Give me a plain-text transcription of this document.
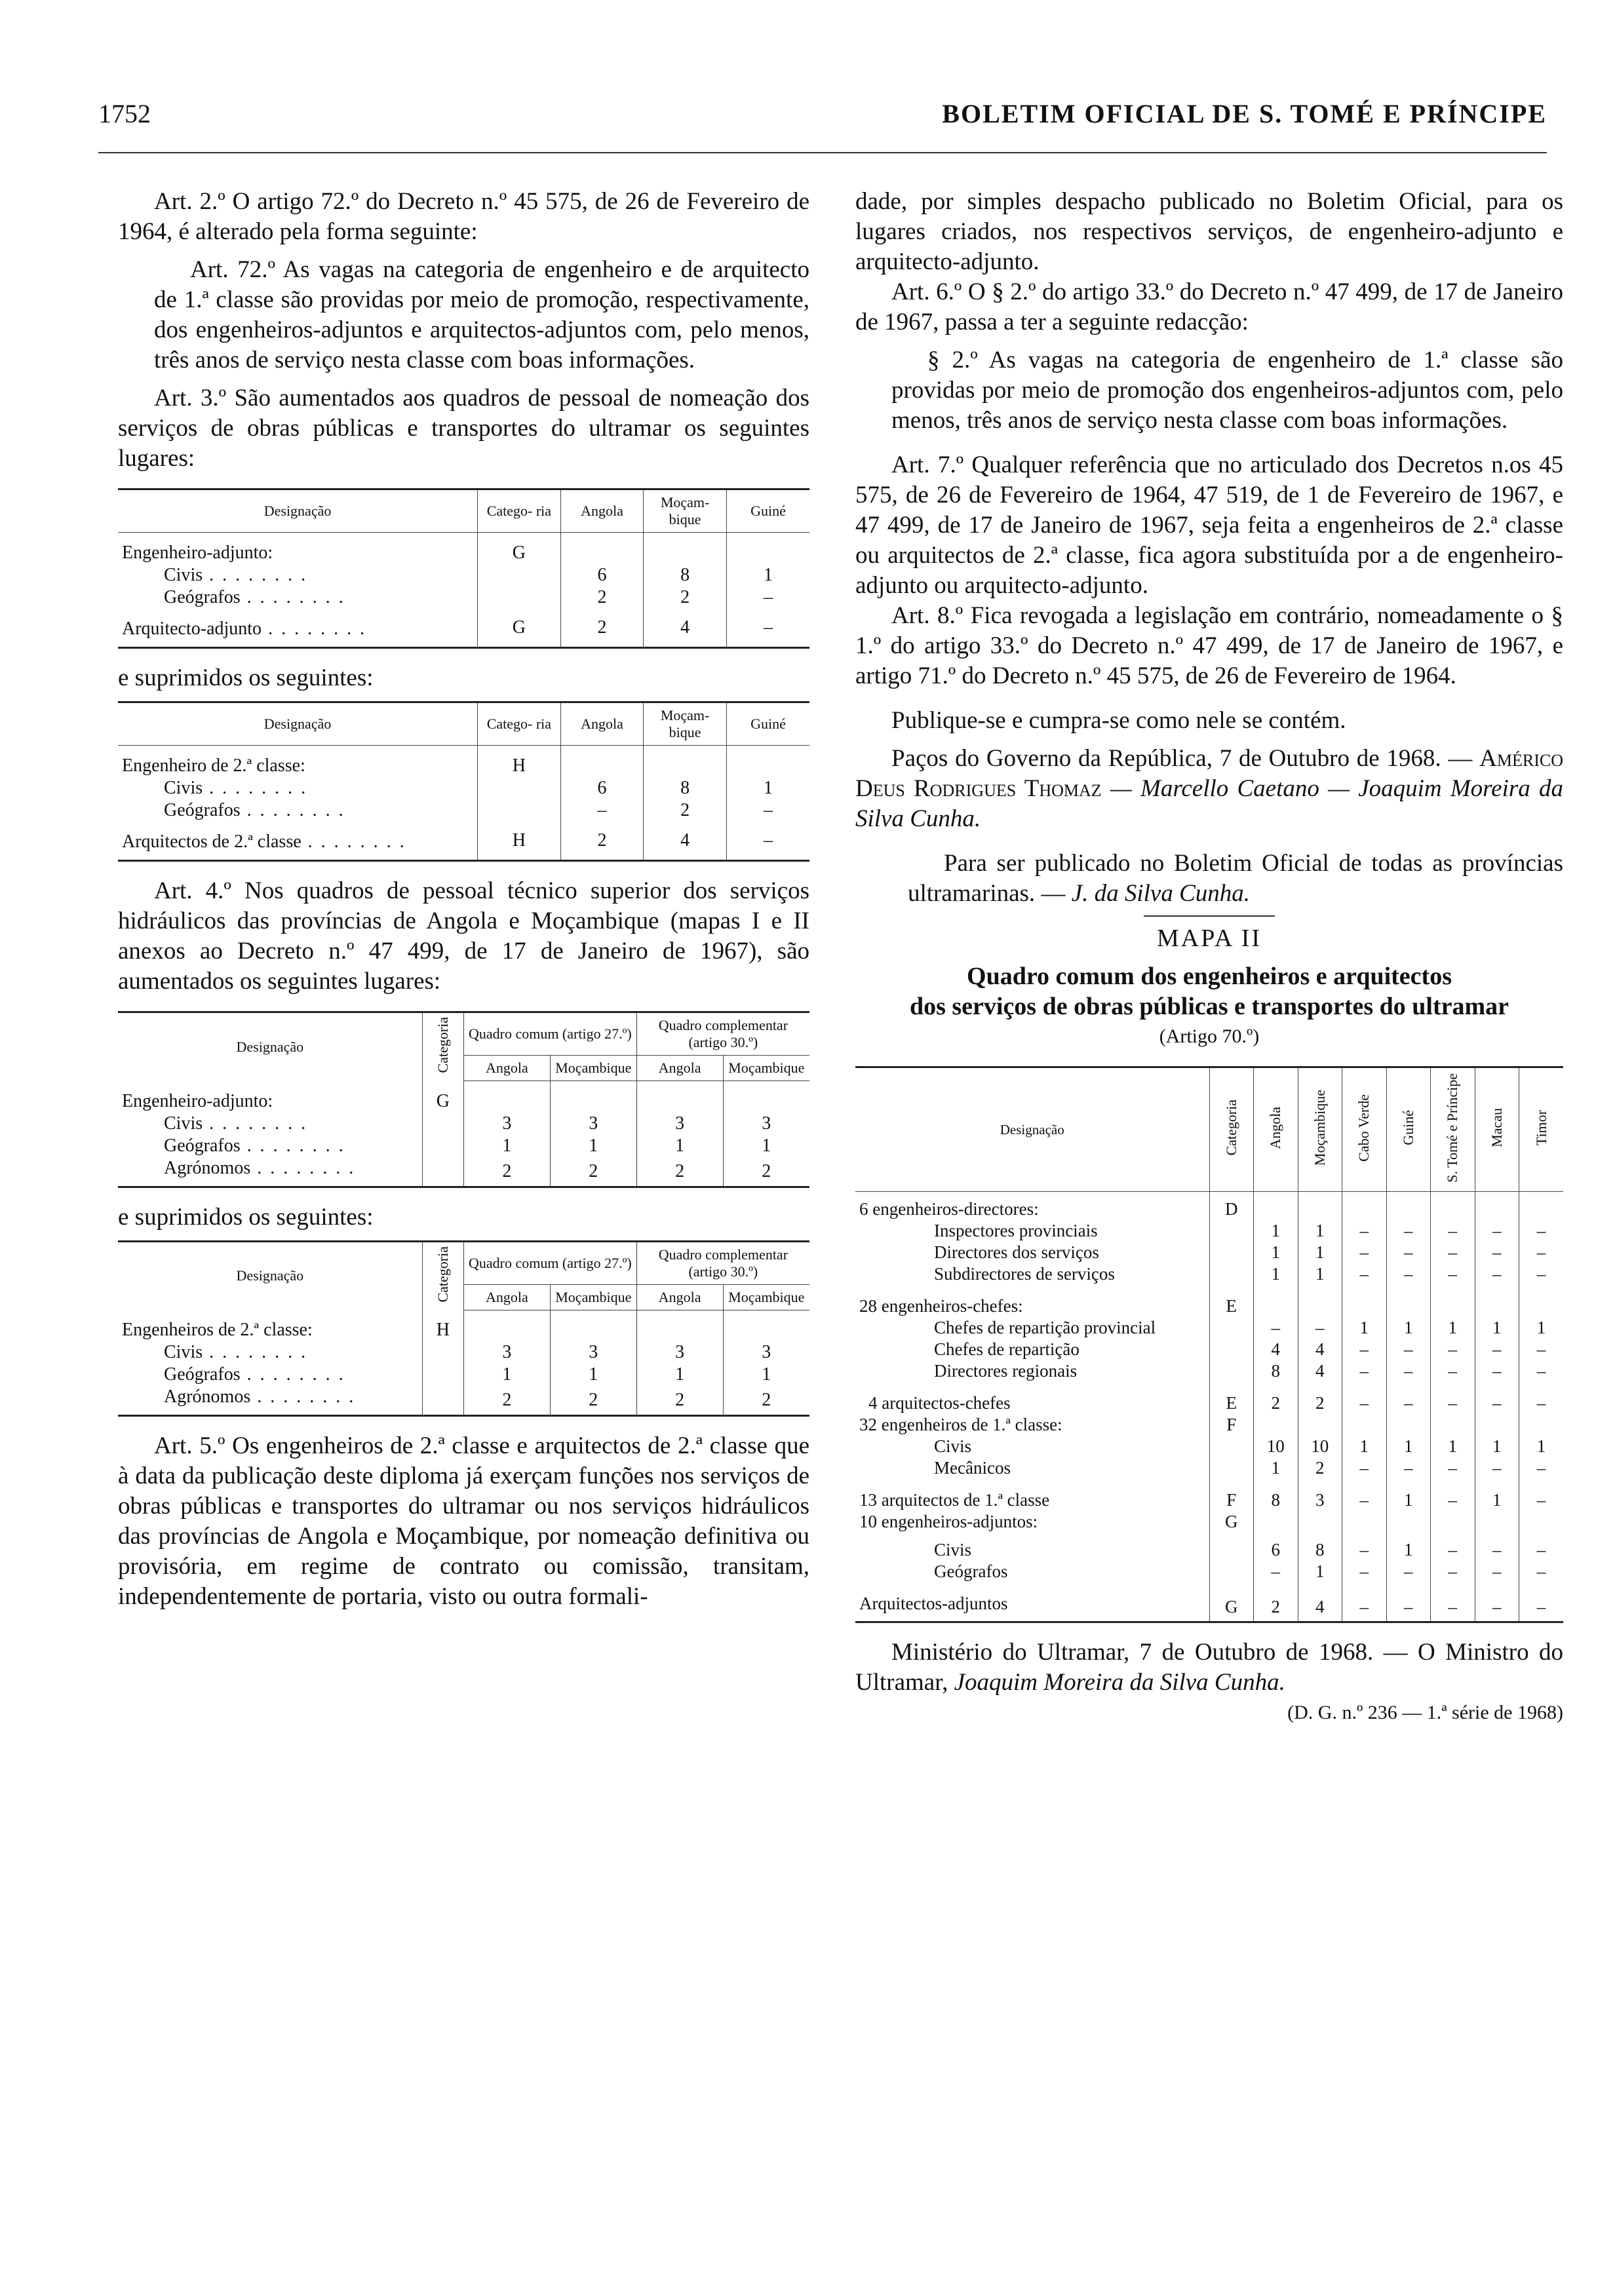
1752	BOLETIM OFICIAL DE S. TOMÉ E PRÍNCIPE

Art. 2.º O artigo 72.º do Decreto n.º 45 575, de 26 de Fevereiro de 1964, é alterado pela forma seguinte:

Art. 72.º As vagas na categoria de engenheiro e de arquitecto de 1.ª classe são providas por meio de promoção, respectivamente, dos engenheiros-adjuntos e arquitectos-adjuntos com, pelo menos, três anos de serviço nesta classe com boas informações.

Art. 3.º São aumentados aos quadros de pessoal de nomeação dos serviços de obras públicas e transportes do ultramar os seguintes lugares:

Designação	Catego- ria	Angola	Moçam- bique	Guiné
Engenheiro-adjunto:	G			
Civis . . .		6	8	1
Geógrafos . . .		2	2	–
Arquitecto-adjunto . . .	G	2	4	–

e suprimidos os seguintes:

Designação	Catego- ria	Angola	Moçam- bique	Guiné
Engenheiro de 2.ª classe:	H			
Civis . . .		6	8	1
Geógrafos . . .		–	2	–
Arquitectos de 2.ª classe . . .	H	2	4	–

Art. 4.º Nos quadros de pessoal técnico superior dos serviços hidráulicos das províncias de Angola e Moçambique (mapas I e II anexos ao Decreto n.º 47 499, de 17 de Janeiro de 1967), são aumentados os seguintes lugares:

Designação	Categoria	Quadro comum (artigo 27.º)		Quadro complementar (artigo 30.º)	
		Angola	Moçambique	Angola	Moçambique
Engenheiro-adjunto:	G				
Civis . . .		3	3	3	3
Geógrafos . . .		1	1	1	1
Agrónomos . . .		2	2	2	2

e suprimidos os seguintes:

Designação	Categoria	Quadro comum (artigo 27.º)		Quadro complementar (artigo 30.º)	
		Angola	Moçambique	Angola	Moçambique
Engenheiros de 2.ª classe:	H				
Civis . . .		3	3	3	3
Geógrafos . . .		1	1	1	1
Agrónomos . . .		2	2	2	2

Art. 5.º Os engenheiros de 2.ª classe e arquitectos de 2.ª classe que à data da publicação deste diploma já exerçam funções nos serviços de obras públicas e transportes do ultramar ou nos serviços hidráulicos das províncias de Angola e Moçambique, por nomeação definitiva ou provisória, em regime de contrato ou comissão, transitam, independentemente de portaria, visto ou outra formali-

dade, por simples despacho publicado no Boletim Oficial, para os lugares criados, nos respectivos serviços, de engenheiro-adjunto e arquitecto-adjunto.

Art. 6.º O § 2.º do artigo 33.º do Decreto n.º 47 499, de 17 de Janeiro de 1967, passa a ter a seguinte redacção:

§ 2.º As vagas na categoria de engenheiro de 1.ª classe são providas por meio de promoção dos engenheiros-adjuntos com, pelo menos, três anos de serviço nesta classe com boas informações.

Art. 7.º Qualquer referência que no articulado dos Decretos n.os 45 575, de 26 de Fevereiro de 1964, 47 519, de 1 de Fevereiro de 1967, e 47 499, de 17 de Janeiro de 1967, seja feita a engenheiros de 2.ª classe ou arquitectos de 2.ª classe, fica agora substituída por a de engenheiro-adjunto ou arquitecto-adjunto.

Art. 8.º Fica revogada a legislação em contrário, nomeadamente o § 1.º do artigo 33.º do Decreto n.º 47 499, de 17 de Janeiro de 1967, e artigo 71.º do Decreto n.º 45 575, de 26 de Fevereiro de 1964.

Publique-se e cumpra-se como nele se contém.

Paços do Governo da República, 7 de Outubro de 1968. — Américo Deus Rodrigues Thomaz — Marcello Caetano — Joaquim Moreira da Silva Cunha.

Para ser publicado no Boletim Oficial de todas as províncias ultramarinas. — J. da Silva Cunha.

MAPA II

Quadro comum dos engenheiros e arquitectos

dos serviços de obras públicas e transportes do ultramar

(Artigo 70.º)

Designação	Categoria	Angola	Moçambique	Cabo Verde	Guiné	S. Tomé e Príncipe	Macau	Timor
6 engenheiros-directores:	D							
Inspectores provinciais		1	1	–	–	–	–	–
Directores dos serviços		1	1	–	–	–	–	–
Subdirectores de serviços		1	1	–	–	–	–	–
28 engenheiros-chefes:	E							
Chefes de repartição provincial		–	–	1	1	1	1	1
Chefes de repartição		4	4	–	–	–	–	–
Directores regionais		8	4	–	–	–	–	–
4 arquitectos-chefes	E	2	2	–	–	–	–	–
32 engenheiros de 1.ª classe:	F							
Civis		10	10	1	1	1	1	1
Mecânicos		1	2	–	–	–	–	–
13 arquitectos de 1.ª classe	F	8	3	–	1	–	1	–
10 engenheiros-adjuntos:	G							
Civis		6	8	–	1	–	–	–
Geógrafos		–	1	–	–	–	–	–
Arquitectos-adjuntos	G	2	4	–	–	–	–	–

Ministério do Ultramar, 7 de Outubro de 1968. — O Ministro do Ultramar, Joaquim Moreira da Silva Cunha.

(D. G. n.º 236 — 1.ª série de 1968)
